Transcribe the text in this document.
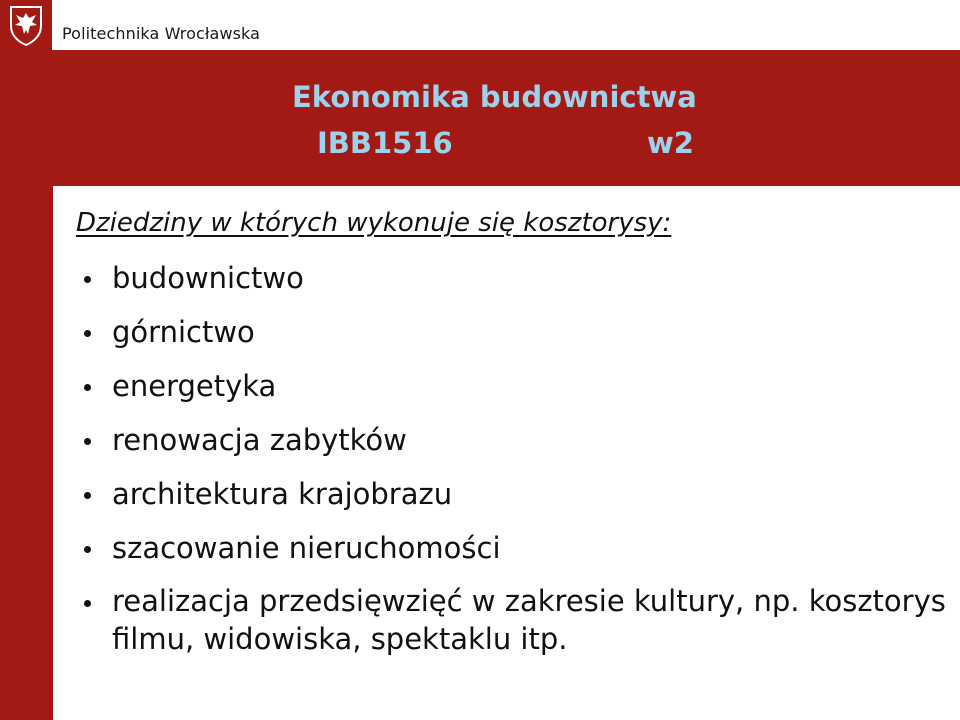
Politechnika Wrocławska
Ekonomika budownictwa
IBB1516	w2
Dziedziny w których wykonuje się kosztorysy:
budownictwo
górnictwo
energetyka
renowacja zabytków
architektura krajobrazu
szacowanie nieruchomości
realizacja przedsięwzięć w zakresie kultury, np. kosztorys filmu, widowiska, spektaklu itp.
